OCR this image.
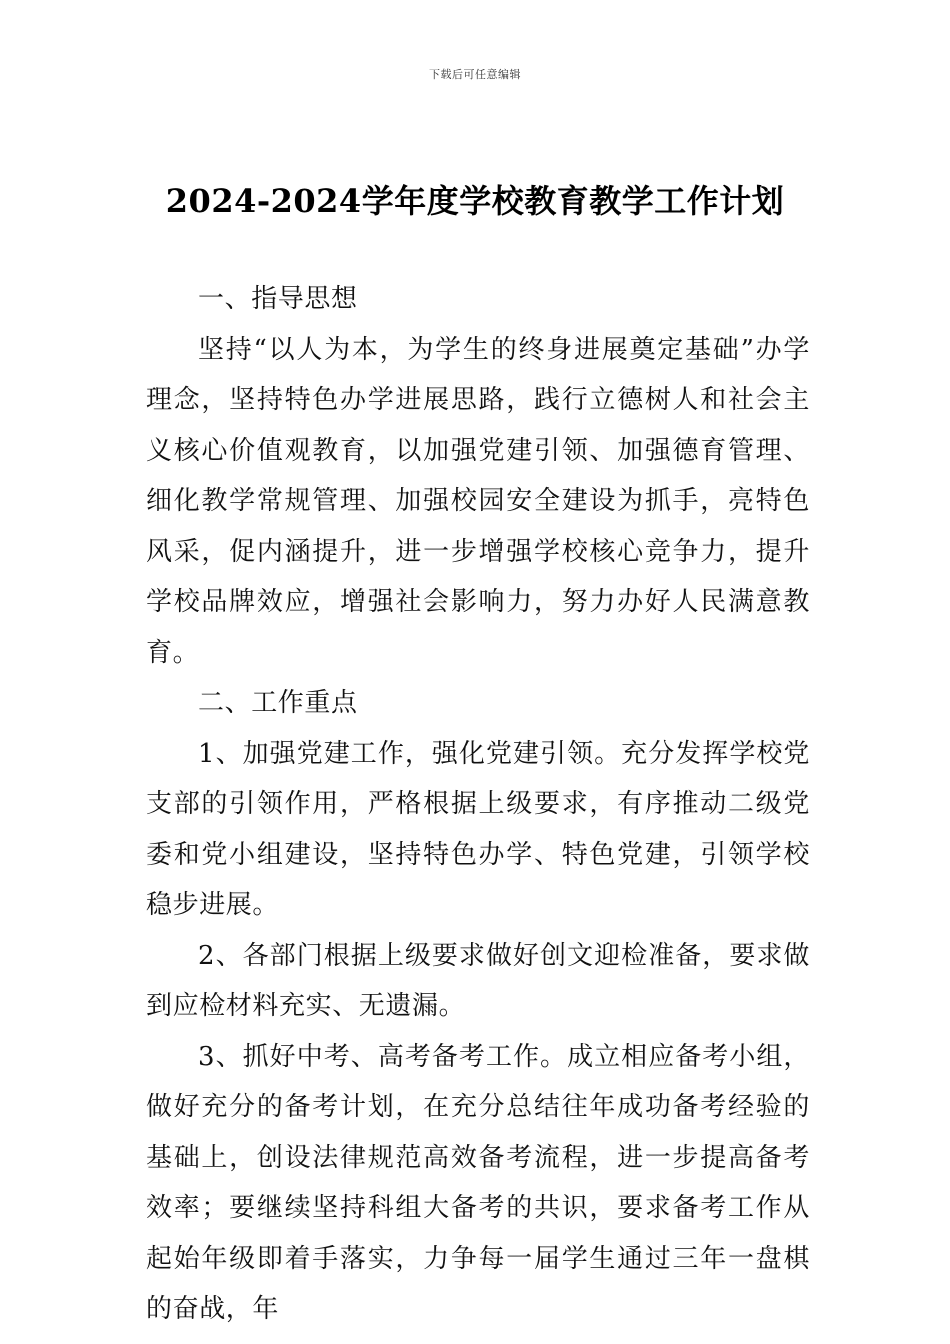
下载后可任意编辑
2024-2024学年度学校教育教学工作计划

一、指导思想

坚持“以人为本，为学生的终身进展奠定基础”办学理念，坚持特色办学进展思路，践行立德树人和社会主义核心价值观教育，以加强党建引领、加强德育管理、细化教学常规管理、加强校园安全建设为抓手，亮特色风采，促内涵提升，进一步增强学校核心竞争力，提升学校品牌效应，增强社会影响力，努力办好人民满意教育。

二、工作重点

1、加强党建工作，强化党建引领。充分发挥学校党支部的引领作用，严格根据上级要求，有序推动二级党委和党小组建设，坚持特色办学、特色党建，引领学校稳步进展。

2、各部门根据上级要求做好创文迎检准备，要求做到应检材料充实、无遗漏。

3、抓好中考、高考备考工作。成立相应备考小组，做好充分的备考计划，在充分总结往年成功备考经验的基础上，创设法律规范高效备考流程，进一步提高备考效率；要继续坚持科组大备考的共识，要求备考工作从起始年级即着手落实，力争每一届学生通过三年一盘棋的奋战，年
